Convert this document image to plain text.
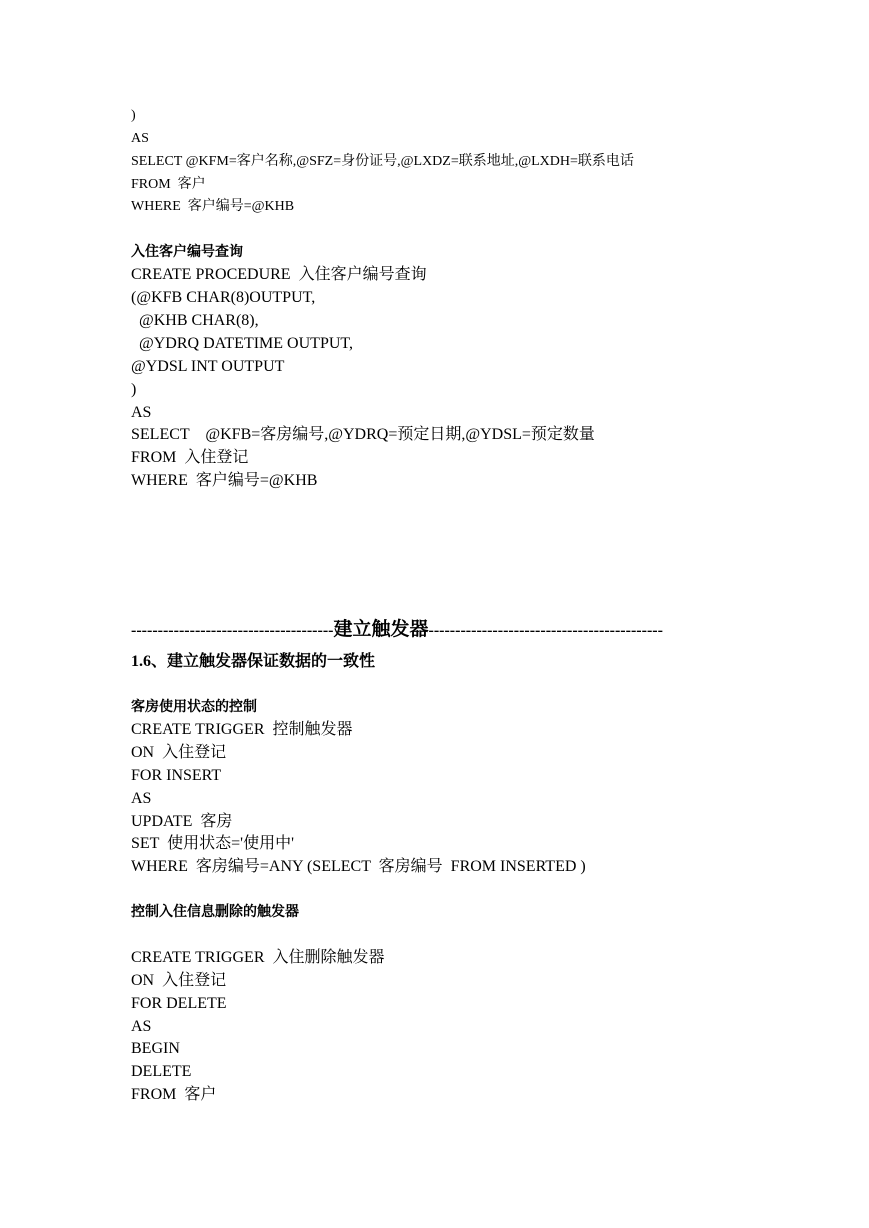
)
AS
SELECT @KFM=客户名称,@SFZ=身份证号,@LXDZ=联系地址,@LXDH=联系电话
FROM  客户
WHERE  客户编号=@KHB
入住客户编号查询
CREATE PROCEDURE  入住客户编号查询
(@KFB CHAR(8)OUTPUT,
@KHB CHAR(8),
@YDRQ DATETIME OUTPUT,
@YDSL INT OUTPUT
)
AS
SELECT    @KFB=客房编号,@YDRQ=预定日期,@YDSL=预定数量
FROM  入住登记
WHERE  客户编号=@KHB
--------------------------------------建立触发器--------------------------------------------
1.6、建立触发器保证数据的一致性
客房使用状态的控制
CREATE TRIGGER  控制触发器
ON  入住登记
FOR INSERT
AS
UPDATE  客房
SET  使用状态='使用中'
WHERE  客房编号=ANY (SELECT  客房编号  FROM INSERTED )
控制入住信息删除的触发器
CREATE TRIGGER  入住删除触发器
ON  入住登记
FOR DELETE
AS
BEGIN
DELETE
FROM  客户
